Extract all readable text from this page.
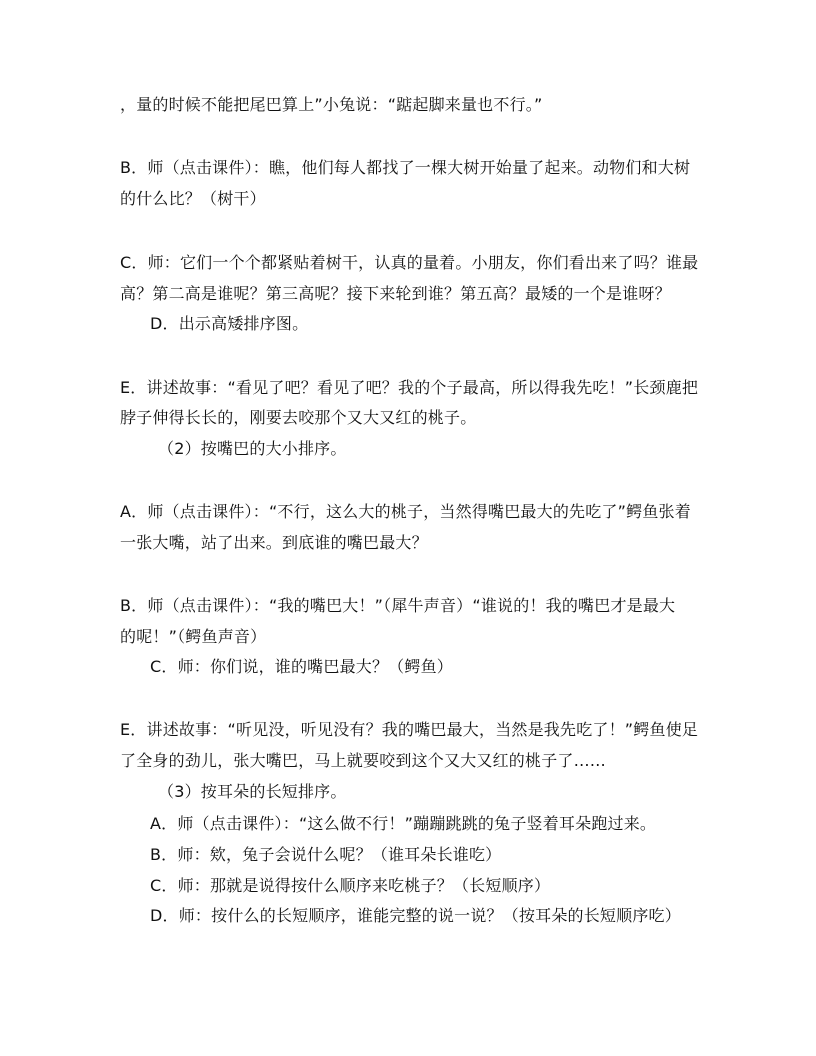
，量的时候不能把尾巴算上”小兔说：“踮起脚来量也不行。”
B．师（点击课件）：瞧，他们每人都找了一棵大树开始量了起来。动物们和大树
的什么比？（树干）
C．师：它们一个个都紧贴着树干，认真的量着。小朋友，你们看出来了吗？谁最
高？第二高是谁呢？第三高呢？接下来轮到谁？第五高？最矮的一个是谁呀？
D．出示高矮排序图。
E．讲述故事：“看见了吧？看见了吧？我的个子最高，所以得我先吃！”长颈鹿把
脖子伸得长长的，刚要去咬那个又大又红的桃子。
（2）按嘴巴的大小排序。
A．师（点击课件）：“不行，这么大的桃子，当然得嘴巴最大的先吃了”鳄鱼张着
一张大嘴，站了出来。到底谁的嘴巴最大？
B．师（点击课件）：“我的嘴巴大！”（犀牛声音）“谁说的！我的嘴巴才是最大
的呢！”（鳄鱼声音）
C．师：你们说，谁的嘴巴最大？（鳄鱼）
E．讲述故事：“听见没，听见没有？我的嘴巴最大，当然是我先吃了！”鳄鱼使足
了全身的劲儿，张大嘴巴，马上就要咬到这个又大又红的桃子了……
（3）按耳朵的长短排序。
A．师（点击课件）：“这么做不行！”蹦蹦跳跳的兔子竖着耳朵跑过来。
B．师：欸，兔子会说什么呢？（谁耳朵长谁吃）
C．师：那就是说得按什么顺序来吃桃子？（长短顺序）
D．师：按什么的长短顺序，谁能完整的说一说？（按耳朵的长短顺序吃）
